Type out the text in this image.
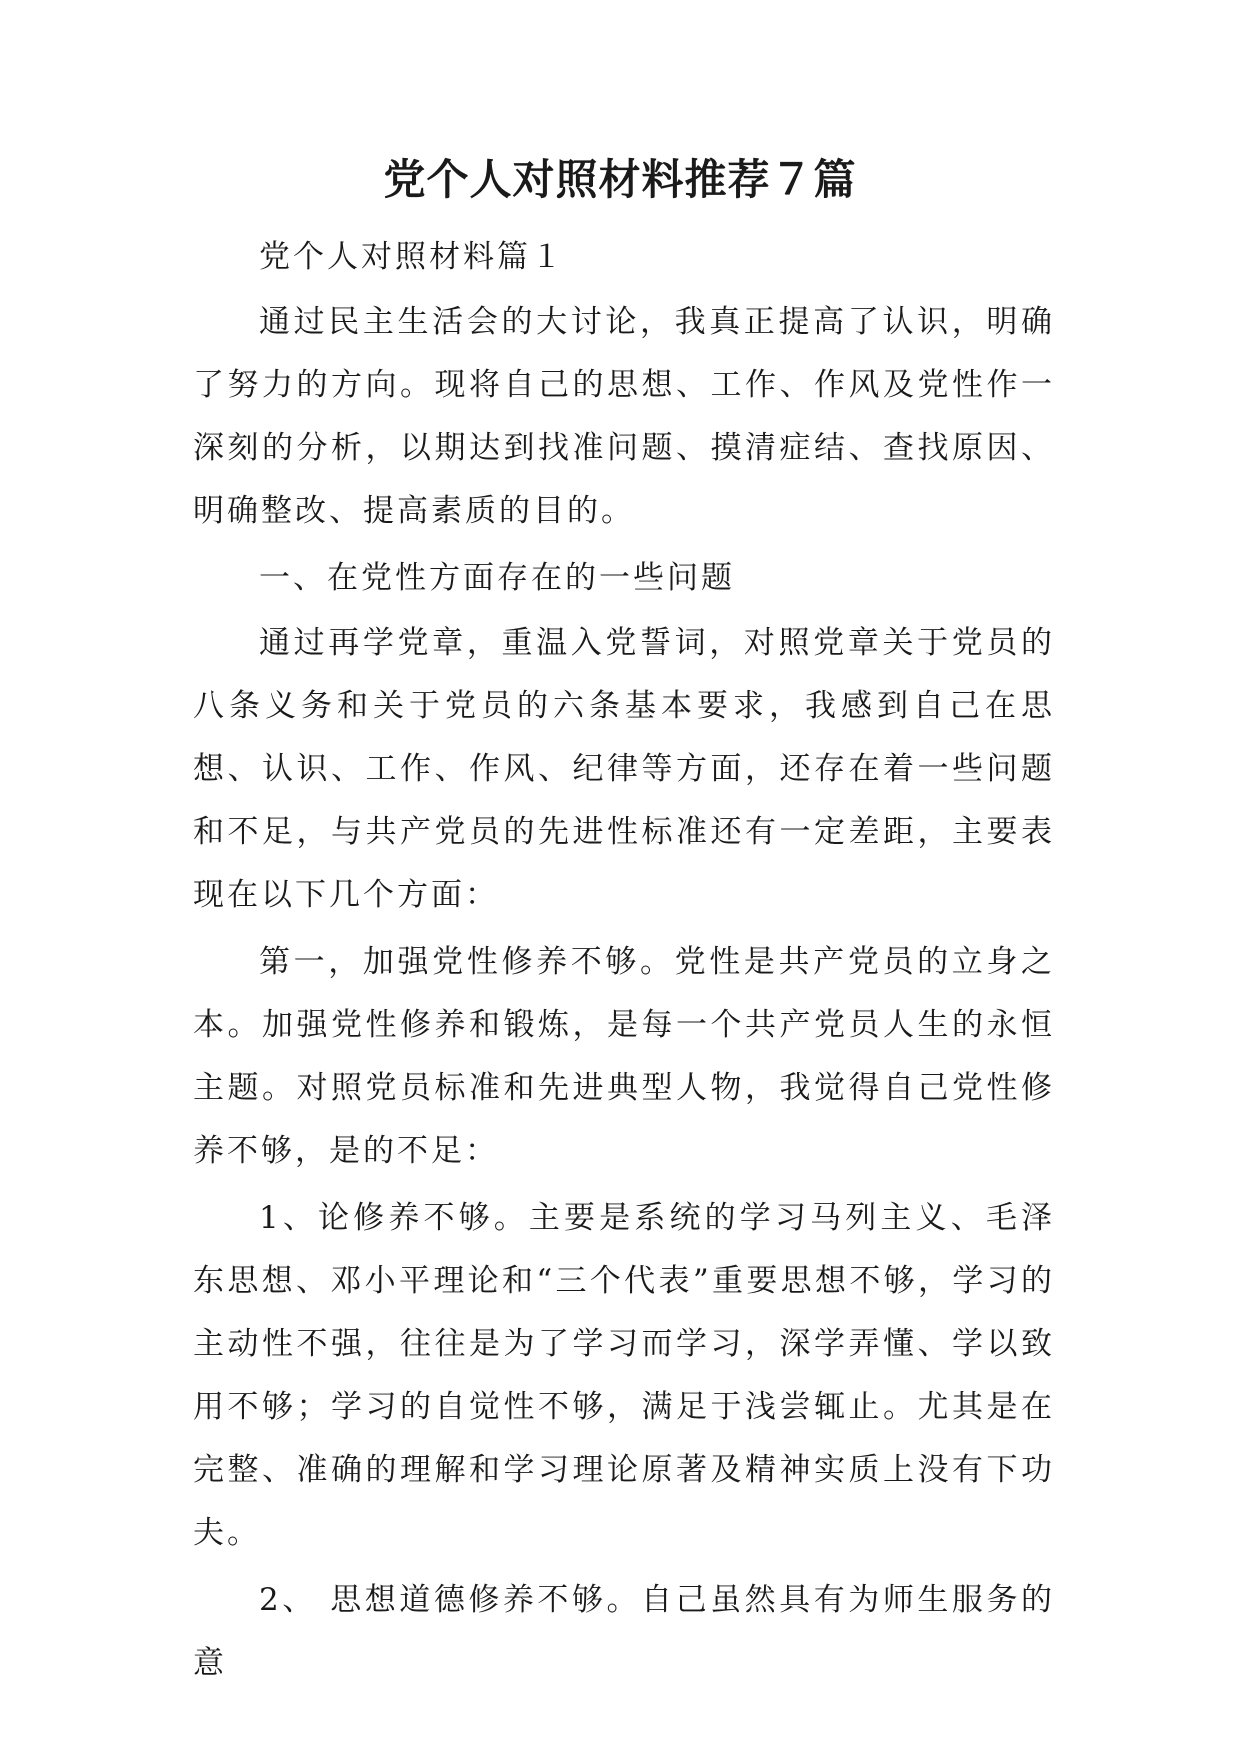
党个人对照材料推荐７篇

党个人对照材料篇１

通过民主生活会的大讨论，我真正提高了认识，明确了努力的方向。现将自己的思想、工作、作风及党性作一深刻的分析，以期达到找准问题、摸清症结、查找原因、明确整改、提高素质的目的。

一、在党性方面存在的一些问题

通过再学党章，重温入党誓词，对照党章关于党员的八条义务和关于党员的六条基本要求，我感到自己在思想、认识、工作、作风、纪律等方面，还存在着一些问题和不足，与共产党员的先进性标准还有一定差距，主要表现在以下几个方面：

第一，加强党性修养不够。党性是共产党员的立身之本。加强党性修养和锻炼，是每一个共产党员人生的永恒主题。对照党员标准和先进典型人物，我觉得自己党性修养不够，是的不足：

1、论修养不够。主要是系统的学习马列主义、毛泽东思想、邓小平理论和“三个代表”重要思想不够，学习的主动性不强，往往是为了学习而学习，深学弄懂、学以致用不够；学习的自觉性不够，满足于浅尝辄止。尤其是在完整、准确的理解和学习理论原著及精神实质上没有下功夫。

2、 思想道德修养不够。自己虽然具有为师生服务的意
